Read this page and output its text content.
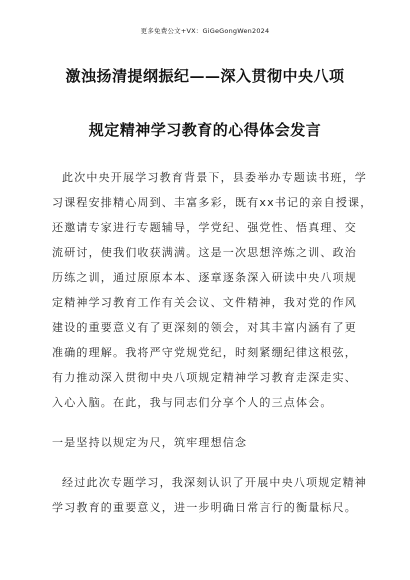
更多免费公文+VX：GiGeGongWen2024
激浊扬清提纲振纪——深入贯彻中央八项
规定精神学习教育的心得体会发言
此次中央开展学习教育背景下，县委举办专题读书班，学
习课程安排精心周到、丰富多彩，既有xx书记的亲自授课，
还邀请专家进行专题辅导，学党纪、强党性、悟真理、交
流研讨，使我们收获满满。这是一次思想淬炼之训、政治
历练之训，通过原原本本、逐章逐条深入研读中央八项规
定精神学习教育工作有关会议、文件精神，我对党的作风
建设的重要意义有了更深刻的领会，对其丰富内涵有了更
准确的理解。我将严守党规党纪，时刻紧绷纪律这根弦，
有力推动深入贯彻中央八项规定精神学习教育走深走实、
入心入脑。在此，我与同志们分享个人的三点体会。
一是坚持以规定为尺，筑牢理想信念
经过此次专题学习，我深刻认识了开展中央八项规定精神
学习教育的重要意义，进一步明确日常言行的衡量标尺。
